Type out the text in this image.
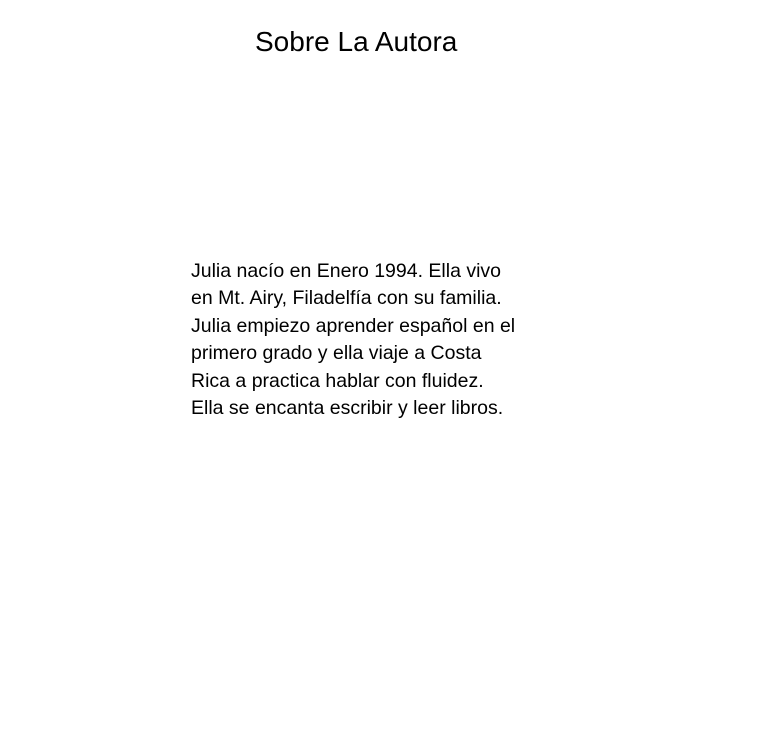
Sobre La Autora
Julia nacío en Enero 1994. Ella vivo
en Mt. Airy, Filadelfía con su familia.
Julia empiezo aprender español en el
primero grado y ella viaje a Costa
Rica a practica hablar con fluidez.
Ella se encanta escribir y leer libros.
